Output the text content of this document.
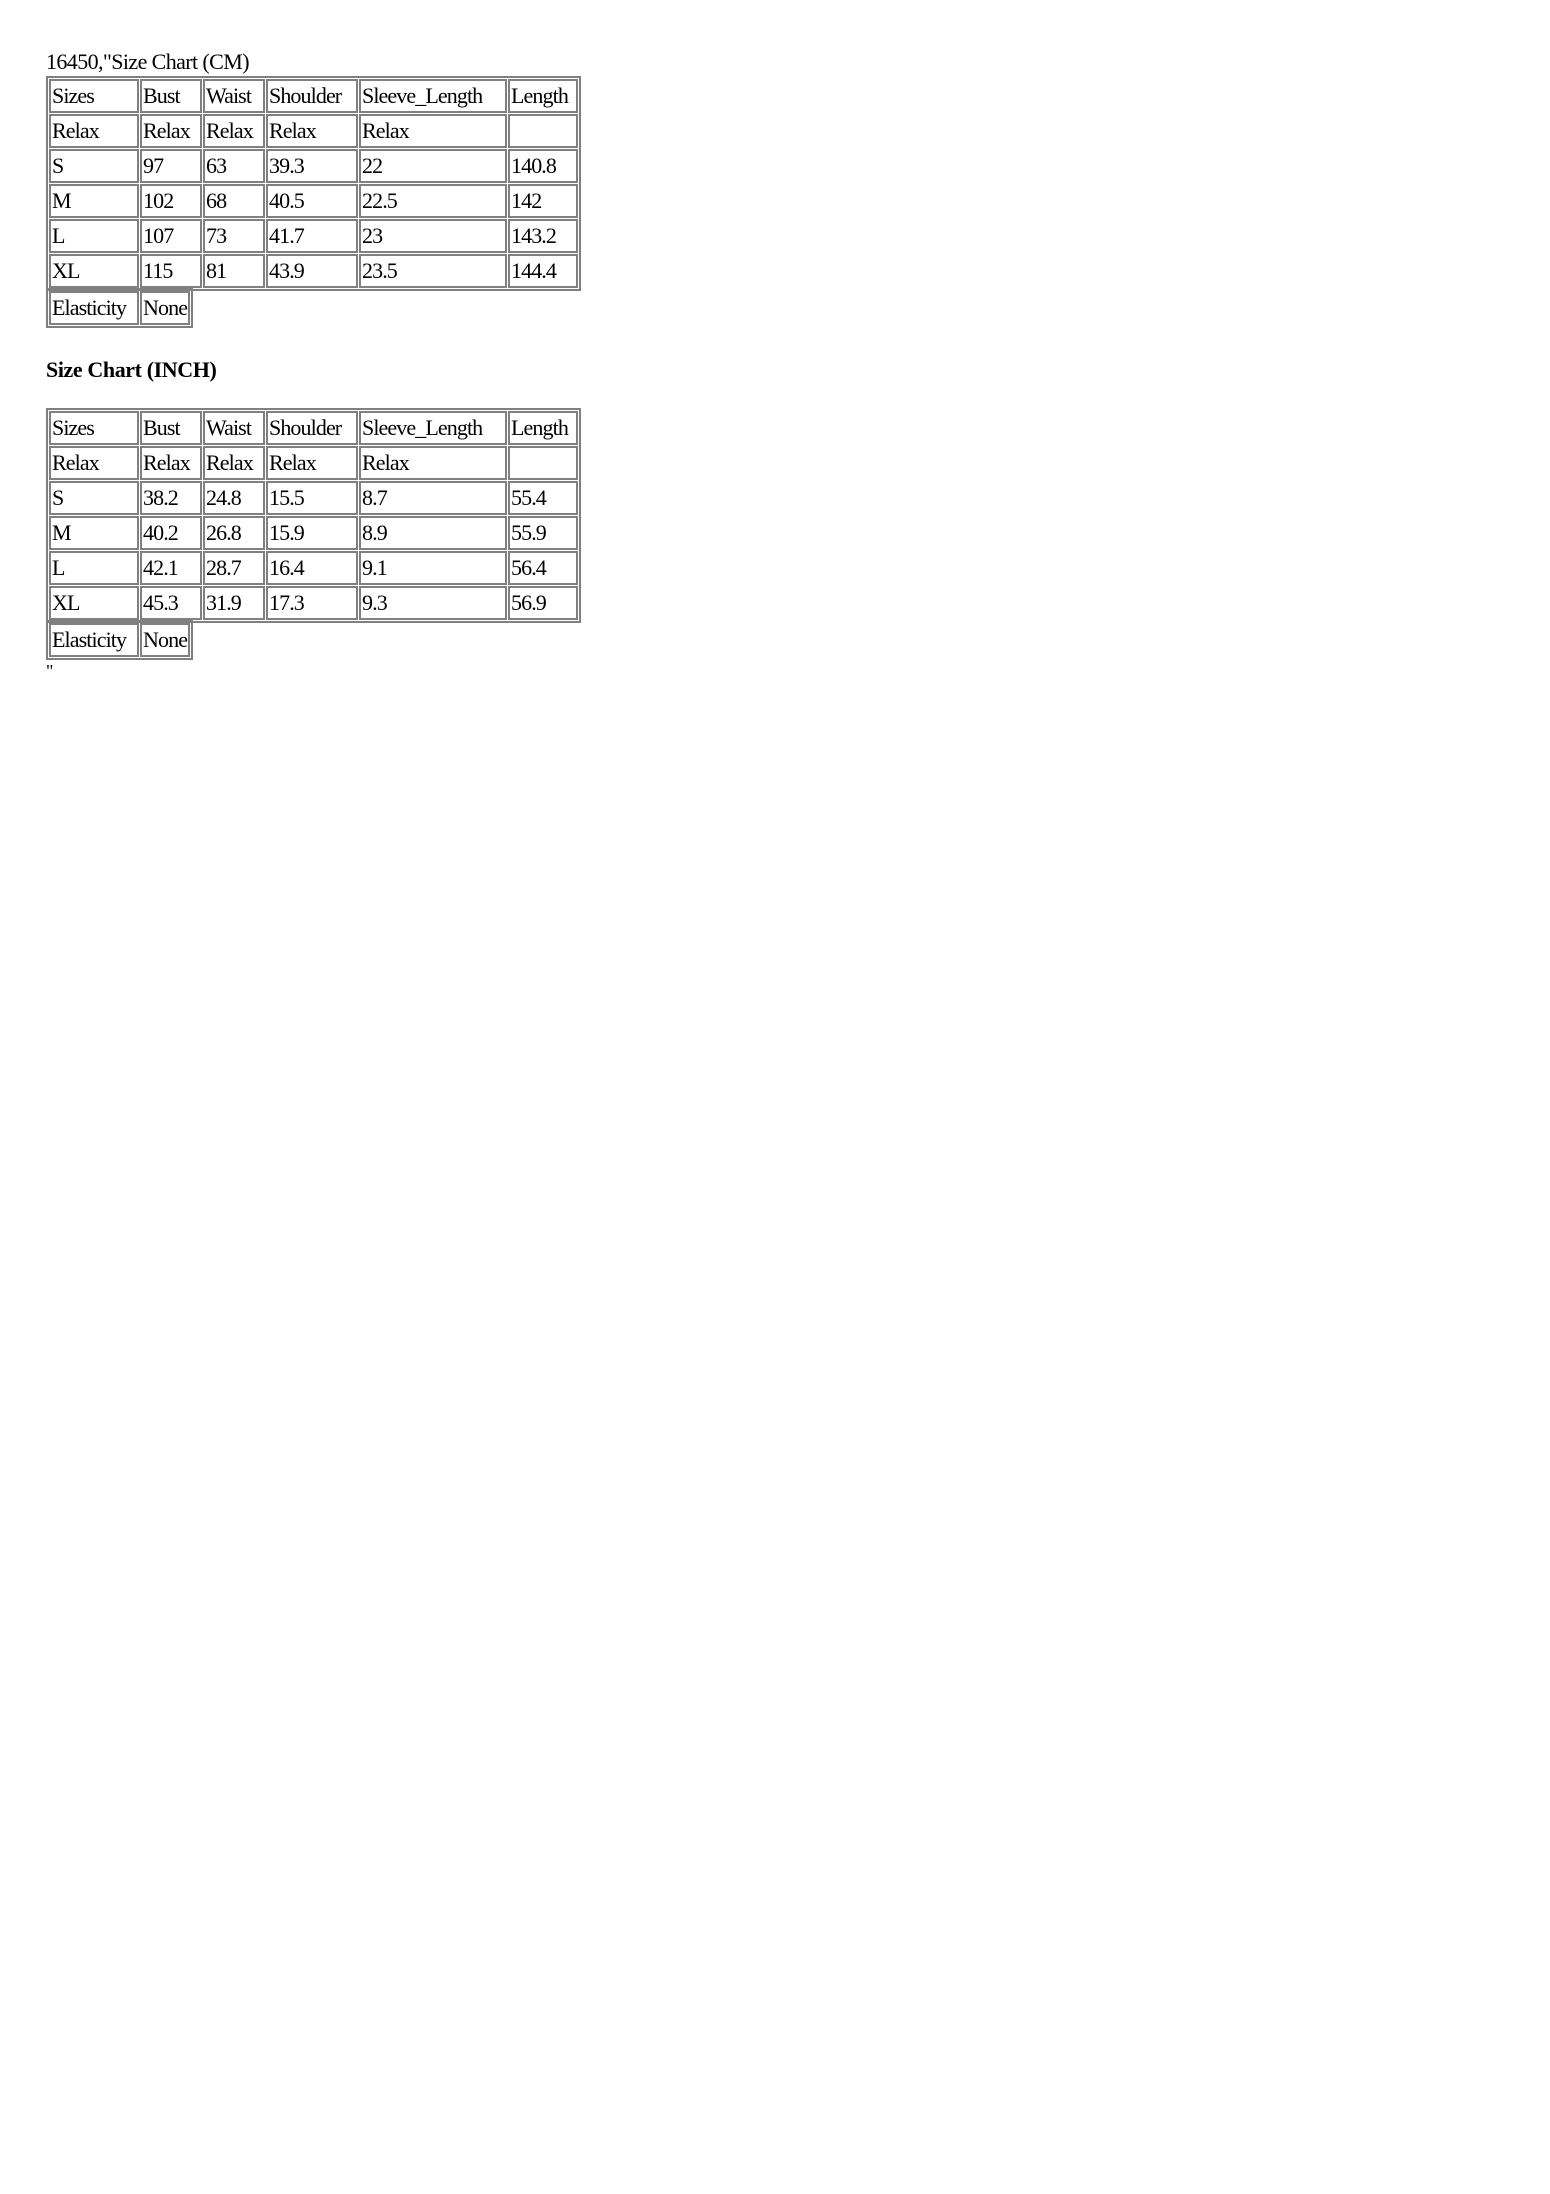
16450,"Size Chart (CM)
Sizes	Bust	Waist	Shoulder	Sleeve_Length	Length
Relax	Relax	Relax	Relax	Relax	
S	97	63	39.3	22	140.8
M	102	68	40.5	22.5	142
L	107	73	41.7	23	143.2
XL	115	81	43.9	23.5	144.4
Elasticity	None
Size Chart (INCH)
Sizes	Bust	Waist	Shoulder	Sleeve_Length	Length
Relax	Relax	Relax	Relax	Relax	
S	38.2	24.8	15.5	8.7	55.4
M	40.2	26.8	15.9	8.9	55.9
L	42.1	28.7	16.4	9.1	56.4
XL	45.3	31.9	17.3	9.3	56.9
Elasticity	None
"
